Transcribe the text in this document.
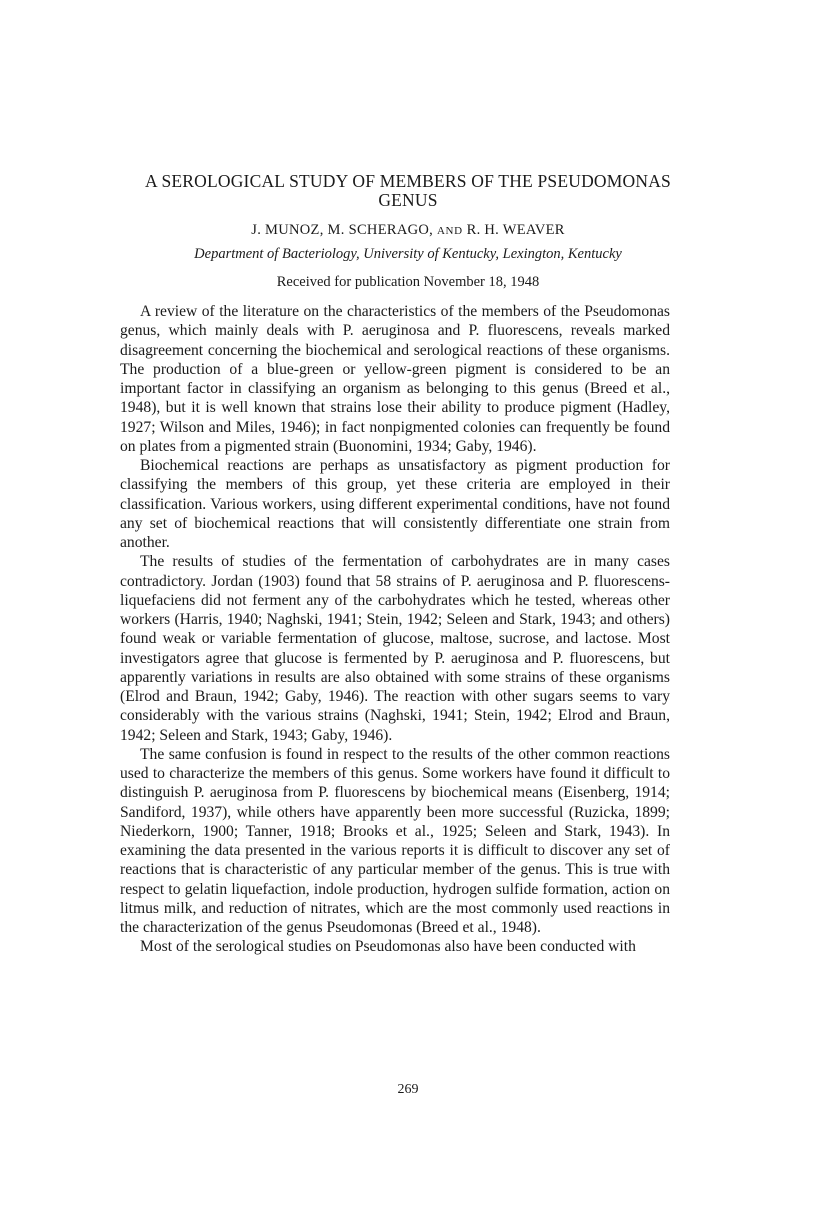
A SEROLOGICAL STUDY OF MEMBERS OF THE PSEUDOMONAS GENUS
J. MUNOZ, M. SCHERAGO, AND R. H. WEAVER
Department of Bacteriology, University of Kentucky, Lexington, Kentucky
Received for publication November 18, 1948

A review of the literature on the characteristics of the members of the Pseudomonas genus, which mainly deals with P. aeruginosa and P. fluorescens, reveals marked disagreement concerning the biochemical and serological reactions of these organisms. The production of a blue-green or yellow-green pigment is considered to be an important factor in classifying an organism as belonging to this genus (Breed et al., 1948), but it is well known that strains lose their ability to produce pigment (Hadley, 1927; Wilson and Miles, 1946); in fact nonpigmented colonies can frequently be found on plates from a pigmented strain (Buonomini, 1934; Gaby, 1946).

Biochemical reactions are perhaps as unsatisfactory as pigment production for classifying the members of this group, yet these criteria are employed in their classification. Various workers, using different experimental conditions, have not found any set of biochemical reactions that will consistently differentiate one strain from another.

The results of studies of the fermentation of carbohydrates are in many cases contradictory. Jordan (1903) found that 58 strains of P. aeruginosa and P. fluorescens-liquefaciens did not ferment any of the carbohydrates which he tested, whereas other workers (Harris, 1940; Naghski, 1941; Stein, 1942; Seleen and Stark, 1943; and others) found weak or variable fermentation of glucose, maltose, sucrose, and lactose. Most investigators agree that glucose is fermented by P. aeruginosa and P. fluorescens, but apparently variations in results are also obtained with some strains of these organisms (Elrod and Braun, 1942; Gaby, 1946). The reaction with other sugars seems to vary considerably with the various strains (Naghski, 1941; Stein, 1942; Elrod and Braun, 1942; Seleen and Stark, 1943; Gaby, 1946).

The same confusion is found in respect to the results of the other common reactions used to characterize the members of this genus. Some workers have found it difficult to distinguish P. aeruginosa from P. fluorescens by biochemical means (Eisenberg, 1914; Sandiford, 1937), while others have apparently been more successful (Ruzicka, 1899; Niederkorn, 1900; Tanner, 1918; Brooks et al., 1925; Seleen and Stark, 1943). In examining the data presented in the various reports it is difficult to discover any set of reactions that is characteristic of any particular member of the genus. This is true with respect to gelatin liquefaction, indole production, hydrogen sulfide formation, action on litmus milk, and reduction of nitrates, which are the most commonly used reactions in the characterization of the genus Pseudomonas (Breed et al., 1948).

Most of the serological studies on Pseudomonas also have been conducted with

269
